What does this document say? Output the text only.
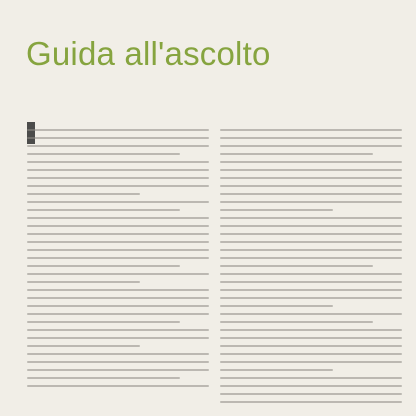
Guida all'ascolto
